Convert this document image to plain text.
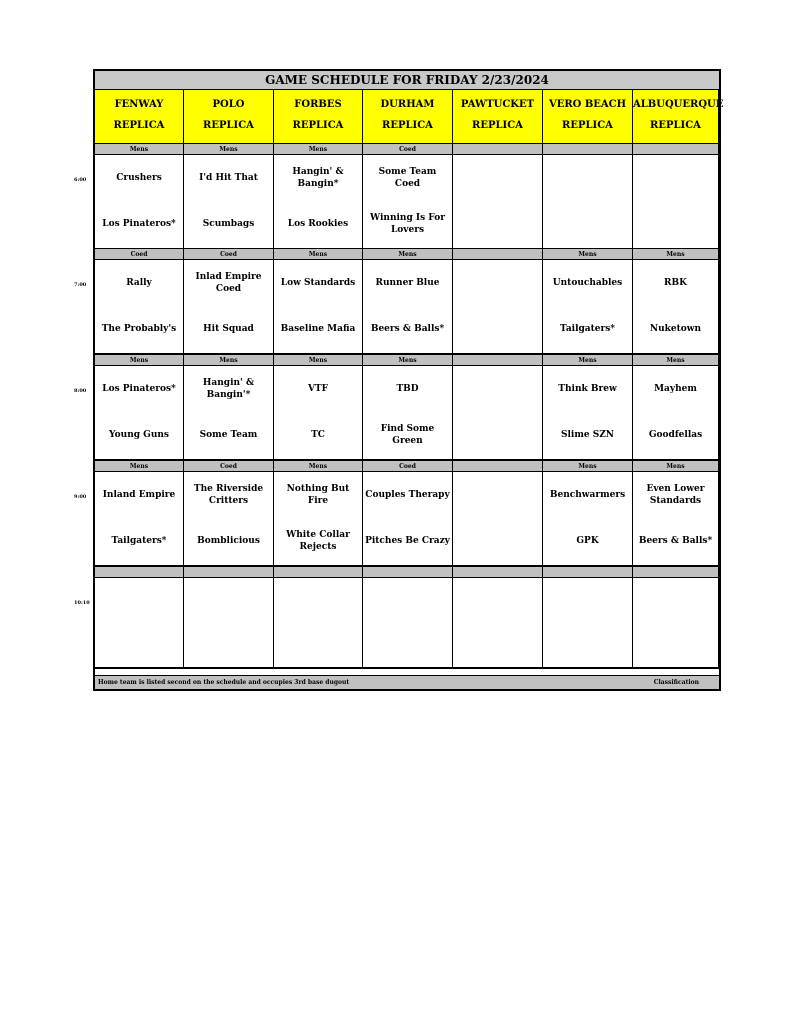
GAME SCHEDULE FOR FRIDAY 2/23/2024
FENWAY
REPLICA
POLO
REPLICA
FORBES
REPLICA
DURHAM
REPLICA
PAWTUCKET
REPLICA
VERO BEACH
REPLICA
ALBUQUERQUE
REPLICA
Mens
Crushers
Los Pinateros*
Mens
I'd Hit That
Scumbags
Mens
Hangin' & Bangin*
Los Rookies
Coed
Some Team Coed
Winning Is For Lovers
Coed
Rally
The Probably's
Coed
Inlad Empire Coed
Hit Squad
Mens
Low Standards
Baseline Mafia
Mens
Runner Blue
Beers & Balls*
Mens
Untouchables
Tailgaters*
Mens
RBK
Nuketown
Mens
Los Pinateros*
Young Guns
Mens
Hangin' & Bangin'*
Some Team
Mens
VTF
TC
Mens
TBD
Find Some Green
Mens
Think Brew
Slime SZN
Mens
Mayhem
Goodfellas
Mens
Inland Empire
Tailgaters*
Coed
The Riverside Critters
Bomblicious
Mens
Nothing But Fire
White Collar Rejects
Coed
Couples Therapy
Pitches Be Crazy
Mens
Benchwarmers
GPK
Mens
Even Lower Standards
Beers & Balls*
Home team is listed second on the schedule and occupies 3rd base dugout	Classification
6:00
7:00
8:00
9:00
10:10
